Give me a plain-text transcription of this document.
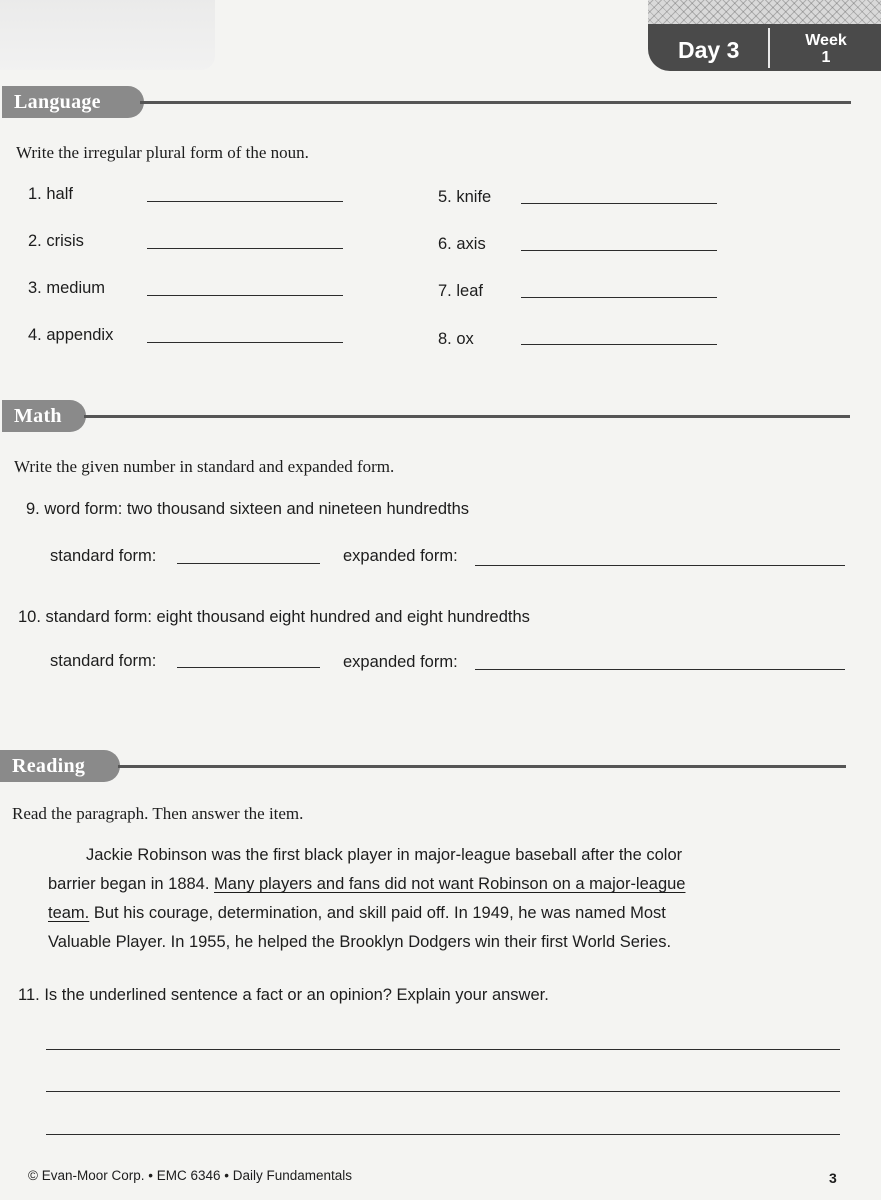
Day 3	Week
1
Language
Write the irregular plural form of the noun.
1. half
2. crisis
3. medium
4. appendix
5. knife
6. axis
7. leaf
8. ox
Math
Write the given number in standard and expanded form.
9. word form: two thousand sixteen and nineteen hundredths
standard form:	expanded form:
10. standard form: eight thousand eight hundred and eight hundredths
standard form:	expanded form:
Reading
Read the paragraph. Then answer the item.
Jackie Robinson was the first black player in major-league baseball after the color
barrier began in 1884. Many players and fans did not want Robinson on a major-league
team. But his courage, determination, and skill paid off. In 1949, he was named Most
Valuable Player. In 1955, he helped the Brooklyn Dodgers win their first World Series.
11. Is the underlined sentence a fact or an opinion? Explain your answer.
© Evan-Moor Corp. • EMC 6346 • Daily Fundamentals	3
